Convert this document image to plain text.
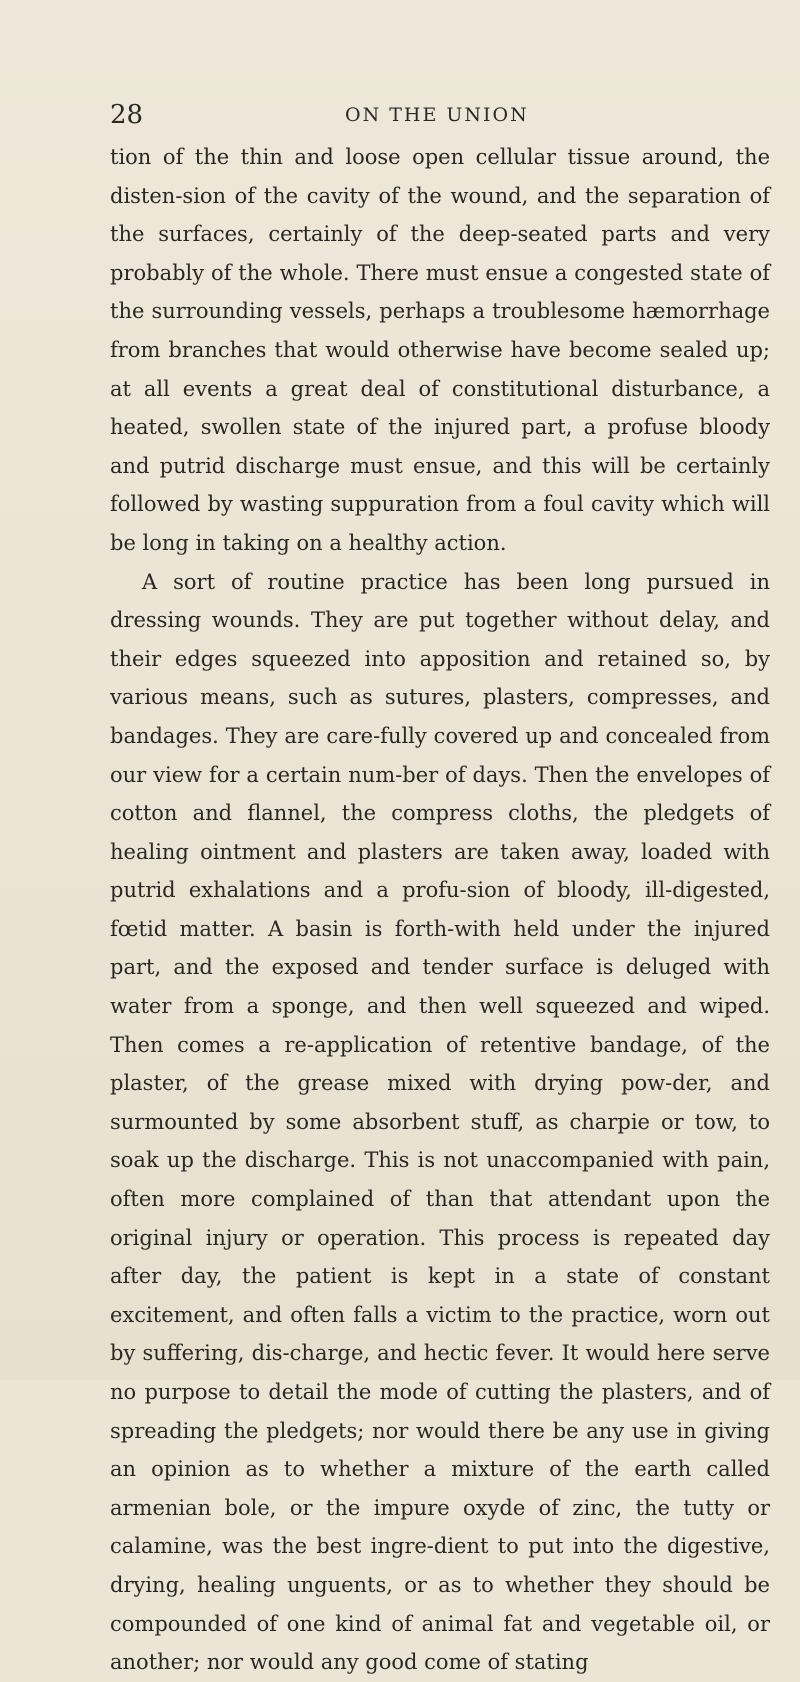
28	ON THE UNION

tion of the thin and loose open cellular tissue around, the disten-sion of the cavity of the wound, and the separation of the surfaces, certainly of the deep-seated parts and very probably of the whole. There must ensue a congested state of the surrounding vessels, perhaps a troublesome hæmorrhage from branches that would otherwise have become sealed up; at all events a great deal of constitutional disturbance, a heated, swollen state of the injured part, a profuse bloody and putrid discharge must ensue, and this will be certainly followed by wasting suppuration from a foul cavity which will be long in taking on a healthy action.

A sort of routine practice has been long pursued in dressing wounds. They are put together without delay, and their edges squeezed into apposition and retained so, by various means, such as sutures, plasters, compresses, and bandages. They are care-fully covered up and concealed from our view for a certain num-ber of days. Then the envelopes of cotton and flannel, the compress cloths, the pledgets of healing ointment and plasters are taken away, loaded with putrid exhalations and a profu-sion of bloody, ill-digested, fœtid matter. A basin is forth-with held under the injured part, and the exposed and tender surface is deluged with water from a sponge, and then well squeezed and wiped. Then comes a re-application of retentive bandage, of the plaster, of the grease mixed with drying pow-der, and surmounted by some absorbent stuff, as charpie or tow, to soak up the discharge. This is not unaccompanied with pain, often more complained of than that attendant upon the original injury or operation. This process is repeated day after day, the patient is kept in a state of constant excitement, and often falls a victim to the practice, worn out by suffering, dis-charge, and hectic fever. It would here serve no purpose to detail the mode of cutting the plasters, and of spreading the pledgets; nor would there be any use in giving an opinion as to whether a mixture of the earth called armenian bole, or the impure oxyde of zinc, the tutty or calamine, was the best ingre-dient to put into the digestive, drying, healing unguents, or as to whether they should be compounded of one kind of animal fat and vegetable oil, or another; nor would any good come of stating
